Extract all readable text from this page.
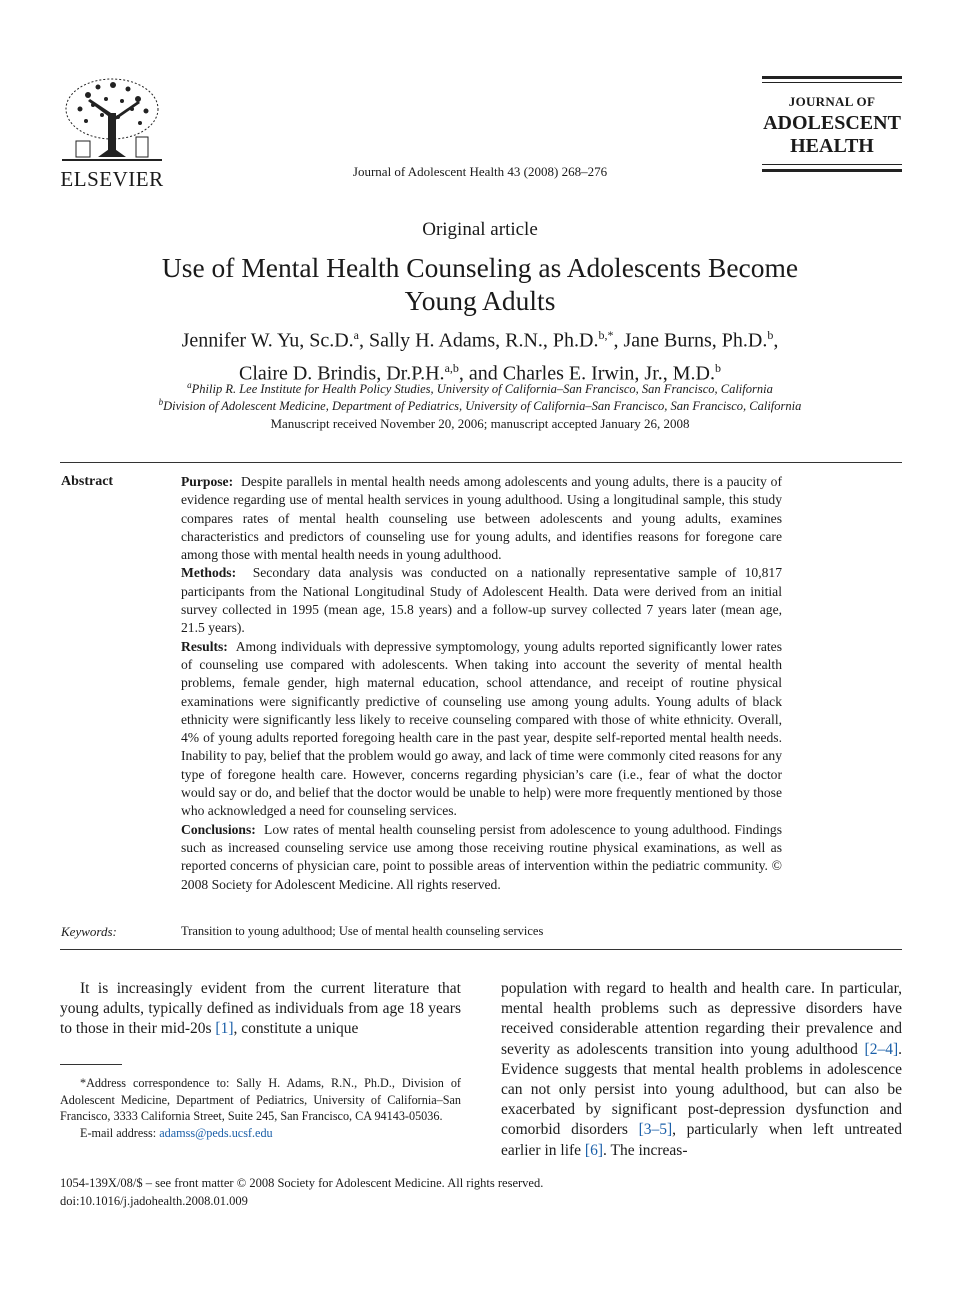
ELSEVIER	Journal of Adolescent Health 43 (2008) 268–276
JOURNAL OF
ADOLESCENT
HEALTH
Original article
Use of Mental Health Counseling as Adolescents Become
Young Adults
Jennifer W. Yu, Sc.D.$^a$, Sally H. Adams, R.N., Ph.D.$^{b,*}$, Jane Burns, Ph.D.$^b$,
Claire D. Brindis, Dr.P.H.$^{a,b}$, and Charles E. Irwin, Jr., M.D.$^b$
$^a$Philip R. Lee Institute for Health Policy Studies, University of California–San Francisco, San Francisco, California
$^b$Division of Adolescent Medicine, Department of Pediatrics, University of California–San Francisco, San Francisco, California
Manuscript received November 20, 2006; manuscript accepted January 26, 2008
Abstract	Purpose: Despite parallels in mental health needs among adolescents and young adults, there is a paucity of evidence regarding use of mental health services in young adulthood. Using a longitudinal sample, this study compares rates of mental health counseling use between adolescents and young adults, examines characteristics and predictors of counseling use for young adults, and identifies reasons for foregone care among those with mental health needs in young adulthood.

Methods: Secondary data analysis was conducted on a nationally representative sample of 10,817 participants from the National Longitudinal Study of Adolescent Health. Data were derived from an initial survey collected in 1995 (mean age, 15.8 years) and a follow-up survey collected 7 years later (mean age, 21.5 years).

Results: Among individuals with depressive symptomology, young adults reported significantly lower rates of counseling use compared with adolescents. When taking into account the severity of mental health problems, female gender, high maternal education, school attendance, and receipt of routine physical examinations were significantly predictive of counseling use among young adults. Young adults of black ethnicity were significantly less likely to receive counseling compared with those of white ethnicity. Overall, 4% of young adults reported foregoing health care in the past year, despite self-reported mental health needs. Inability to pay, belief that the problem would go away, and lack of time were commonly cited reasons for any type of foregone health care. However, concerns regarding physician’s care (i.e., fear of what the doctor would say or do, and belief that the doctor would be unable to help) were more frequently mentioned by those who acknowledged a need for counseling services.

Conclusions: Low rates of mental health counseling persist from adolescence to young adulthood. Findings such as increased counseling service use among those receiving routine physical examinations, as well as reported concerns of physician care, point to possible areas of intervention within the pediatric community. © 2008 Society for Adolescent Medicine. All rights reserved.

Keywords:	Transition to young adulthood; Use of mental health counseling services
It is increasingly evident from the current literature that young adults, typically defined as individuals from age 18 years to those in their mid-20s [1], constitute a unique
population with regard to health and health care. In particular, mental health problems such as depressive disorders have received considerable attention regarding their prevalence and severity as adolescents transition into young adulthood [2–4]. Evidence suggests that mental health problems in adolescence can not only persist into young adulthood, but can also be exacerbated by significant post-depression dysfunction and comorbid disorders [3–5], particularly when left untreated earlier in life [6]. The increas-

*Address correspondence to: Sally H. Adams, R.N., Ph.D., Division of Adolescent Medicine, Department of Pediatrics, University of California–San Francisco, 3333 California Street, Suite 245, San Francisco, CA 94143-05036.

E-mail address: adamss@peds.ucsf.edu

1054-139X/08/$ – see front matter © 2008 Society for Adolescent Medicine. All rights reserved.
doi:10.1016/j.jadohealth.2008.01.009
